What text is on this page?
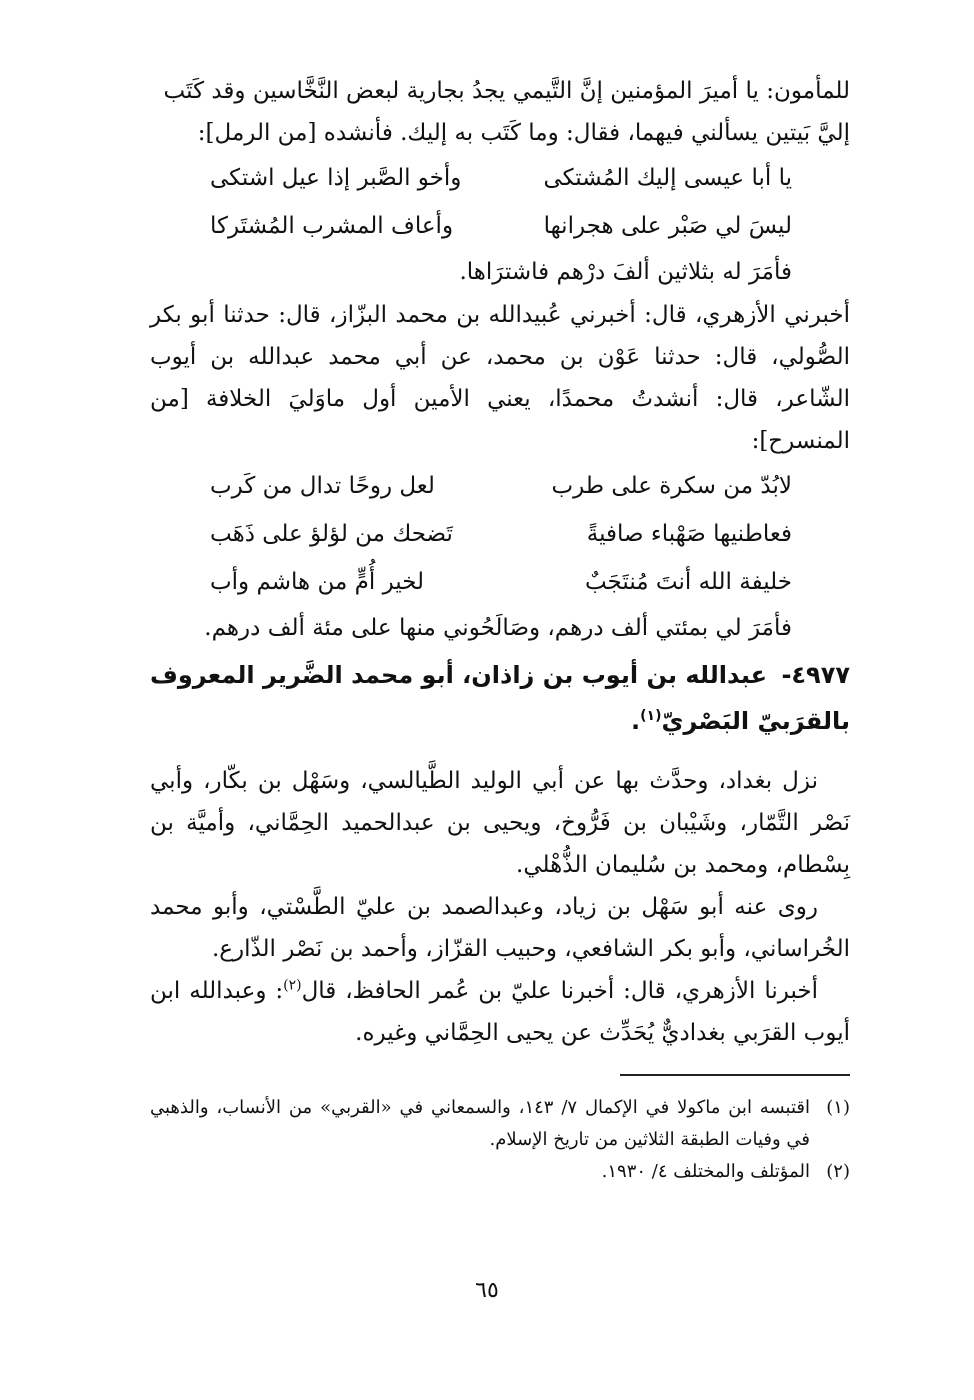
للمأمون: يا أميرَ المؤمنين إنَّ التَّيمي يجدُ بجارية لبعض النَّخَّاسين وقد كَتَب
إليَّ بَيتين يسألني فيهما، فقال: وما كَتَب به إليك. فأنشده [من الرمل]:
يا أبا عيسى إليك المُشتكى
وأخو الصَّبر إذا عيل اشتكى
ليسَ لي صَبْر على هجرانها
وأعاف المشرب المُشتَركا
فأمَرَ له بثلاثين ألفَ درْهم فاشترَاها.
أخبرني الأزهري، قال: أخبرني عُبيدالله بن محمد البزّاز، قال: حدثنا أبو بكر الصُّولي، قال: حدثنا عَوْن بن محمد، عن أبي محمد عبدالله بن أيوب الشّاعر، قال: أنشدتُ محمدًا، يعني الأمين أول ماوَليَ الخلافة [من المنسرح]:
لابُدّ من سكرة على طرب
لعل روحًا تدال من كَرب
فعاطنيها صَهْباء صافيةً
تَضحك من لؤلؤ على ذَهَب
خليفة الله أنتَ مُنتَجَبٌ
لخير أُمٍّ من هاشم وأب
فأمَرَ لي بمئتي ألف درهم، وصَالَحُوني منها على مئة ألف درهم.
٤٩٧٧- عبدالله بن أيوب بن زاذان، أبو محمد الضَّرير المعروف بالقرَبيّ البَصْريّ$^{(١)}$.
نزل بغداد، وحدَّث بها عن أبي الوليد الطَّيالسي، وسَهْل بن بكّار، وأبي نَصْر التَّمّار، وشَيْبان بن فَرُّوخ، ويحيى بن عبدالحميد الحِمَّاني، وأميَّة بن بِسْطام، ومحمد بن سُليمان الذُّهْلي.
روى عنه أبو سَهْل بن زياد، وعبدالصمد بن عليّ الطَّسْتي، وأبو محمد الخُراساني، وأبو بكر الشافعي، وحبيب القزّاز، وأحمد بن نَصْر الذّارع.
أخبرنا الأزهري، قال: أخبرنا عليّ بن عُمر الحافظ، قال$^{(٢)}$: وعبدالله ابن أيوب القرَبي بغداديٌّ يُحَدِّث عن يحيى الحِمَّاني وغيره.
(١)
اقتبسه ابن ماكولا في الإكمال ٧/ ١٤٣، والسمعاني في «القربي» من الأنساب، والذهبي في وفيات الطبقة الثلاثين من تاريخ الإسلام.
(٢)
المؤتلف والمختلف ٤/ ١٩٣٠.
٦٥
